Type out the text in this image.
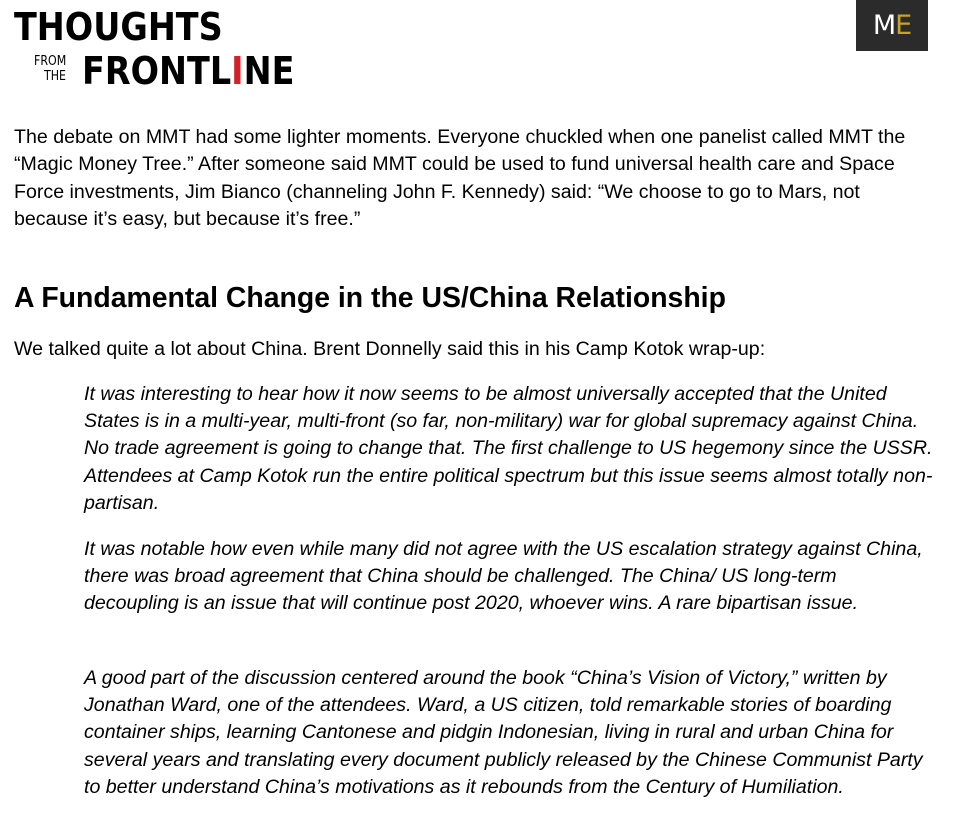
THOUGHTS
FROM
THE FRONTLINE
M E

The debate on MMT had some lighter moments. Everyone chuckled when one panelist called MMT the “Magic Money Tree.” After someone said MMT could be used to fund universal health care and Space Force investments, Jim Bianco (channeling John F. Kennedy) said: “We choose to go to Mars, not because it’s easy, but because it’s free.”

A Fundamental Change in the US/China Relationship

We talked quite a lot about China. Brent Donnelly said this in his Camp Kotok wrap-up:

It was interesting to hear how it now seems to be almost universally accepted that the United States is in a multi-year, multi-front (so far, non-military) war for global supremacy against China. No trade agreement is going to change that. The first challenge to US hegemony since the USSR. Attendees at Camp Kotok run the entire political spectrum but this issue seems almost totally non-partisan.

It was notable how even while many did not agree with the US escalation strategy against China, there was broad agreement that China should be challenged. The China/ US long-term decoupling is an issue that will continue post 2020, whoever wins. A rare bipartisan issue.

A good part of the discussion centered around the book “China’s Vision of Victory,” written by Jonathan Ward, one of the attendees. Ward, a US citizen, told remarkable stories of boarding container ships, learning Cantonese and pidgin Indonesian, living in rural and urban China for several years and translating every document publicly released by the Chinese Communist Party to better understand China’s motivations as it rebounds from the Century of Humiliation.
